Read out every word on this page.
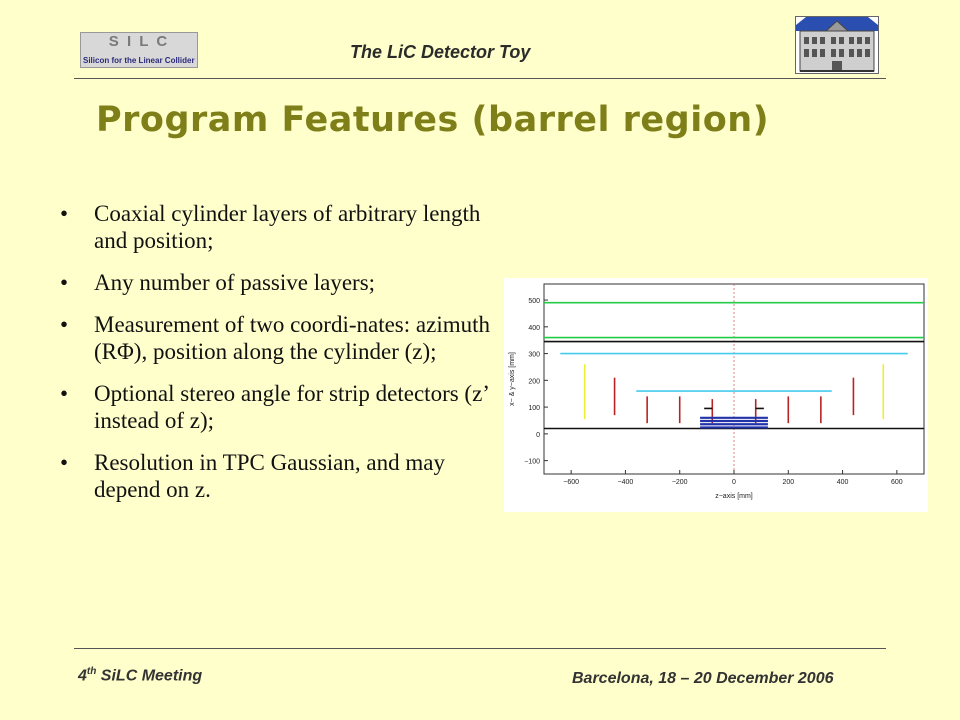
S I L C
Silicon for the Linear Collider	The LiC Detector Toy
Program Features (barrel region)
• Coaxial cylinder layers of arbitrary length and position;
• Any number of passive layers;
• Measurement of two coordi-nates: azimuth (RΦ), position along the cylinder (z);
• Optional stereo angle for strip detectors (z’ instead of z);
• Resolution in TPC Gaussian, and may depend on z.
−100
0
100
200
300
400
500
−600	−400	−200	0	200	400	600
z−axis [mm]
x− & y−axis [mm]
4th SiLC Meeting	Barcelona, 18 – 20 December 2006
